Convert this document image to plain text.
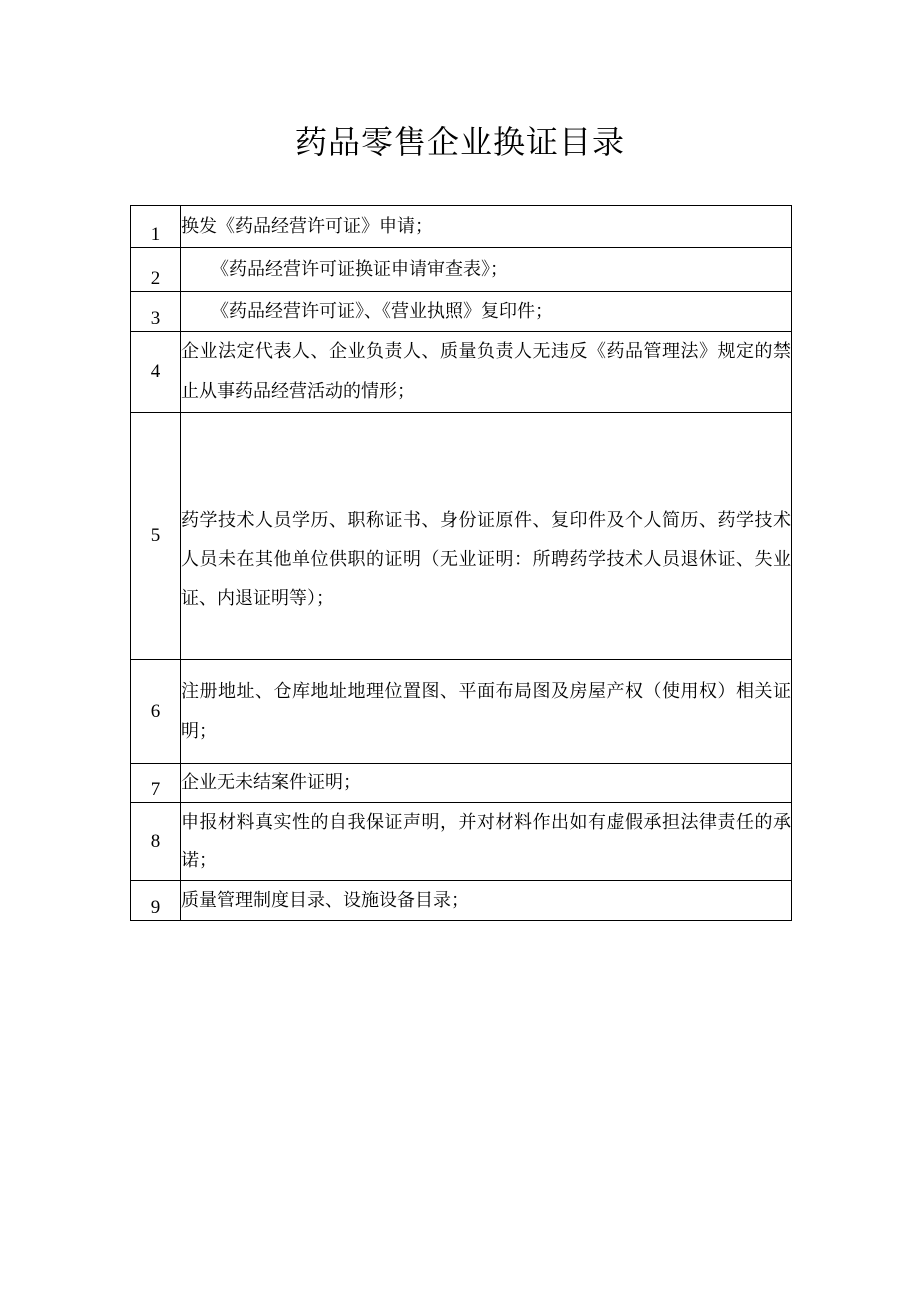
药品零售企业换证目录
1	换发《药品经营许可证》申请；
2	《药品经营许可证换证申请审查表》；
3	《药品经营许可证》、《营业执照》复印件；
4	企业法定代表人、企业负责人、质量负责人无违反《药品管理法》规定的禁止从事药品经营活动的情形；
5	药学技术人员学历、职称证书、身份证原件、复印件及个人简历、药学技术人员未在其他单位供职的证明（无业证明：所聘药学技术人员退休证、失业证、内退证明等）；
6	注册地址、仓库地址地理位置图、平面布局图及房屋产权（使用权）相关证明；
7	企业无未结案件证明；
8	申报材料真实性的自我保证声明，并对材料作出如有虚假承担法律责任的承诺；
9	质量管理制度目录、设施设备目录；
